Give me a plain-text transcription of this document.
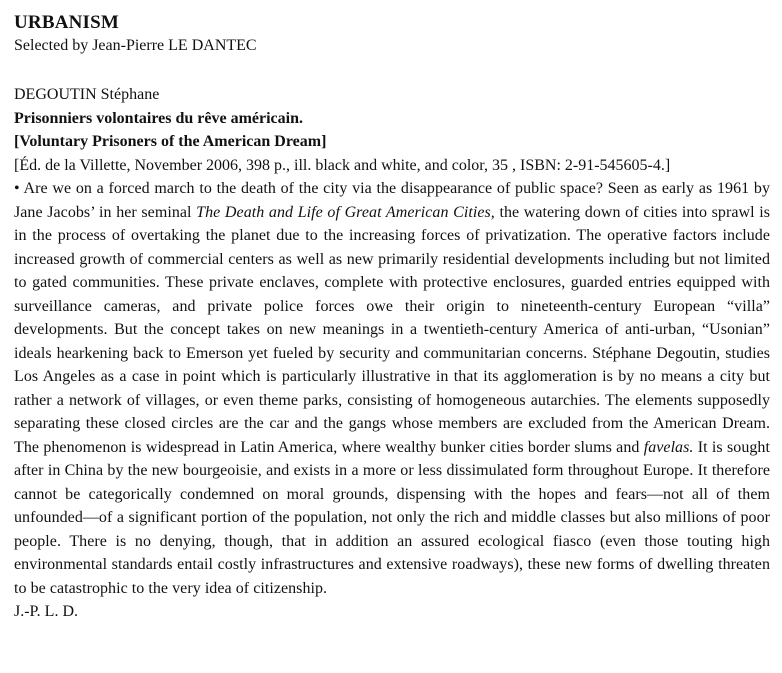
URBANISM

Selected by Jean-Pierre LE DANTEC

DEGOUTIN Stéphane

Prisonniers volontaires du rêve américain.

[Voluntary Prisoners of the American Dream]

[Éd. de la Villette, November 2006, 398 p., ill. black and white, and color, 35 , ISBN: 2-91-545605-4.]

• Are we on a forced march to the death of the city via the disappearance of public space? Seen as early as 1961 by Jane Jacobs’ in her seminal The Death and Life of Great American Cities, the watering down of cities into sprawl is in the process of overtaking the planet due to the increasing forces of privatization. The operative factors include increased growth of commercial centers as well as new primarily residential developments including but not limited to gated communities. These private enclaves, complete with protective enclosures, guarded entries equipped with surveillance cameras, and private police forces owe their origin to nineteenth-century European “villa” developments. But the concept takes on new meanings in a twentieth-century America of anti-urban, “Usonian” ideals hearkening back to Emerson yet fueled by security and communitarian concerns. Stéphane Degoutin, studies Los Angeles as a case in point which is particularly illustrative in that its agglomeration is by no means a city but rather a network of villages, or even theme parks, consisting of homogeneous autarchies. The elements supposedly separating these closed circles are the car and the gangs whose members are excluded from the American Dream. The phenomenon is widespread in Latin America, where wealthy bunker cities border slums and favelas. It is sought after in China by the new bourgeoisie, and exists in a more or less dissimulated form throughout Europe. It therefore cannot be categorically condemned on moral grounds, dispensing with the hopes and fears—not all of them unfounded—of a significant portion of the population, not only the rich and middle classes but also millions of poor people. There is no denying, though, that in addition an assured ecological fiasco (even those touting high environmental standards entail costly infrastructures and extensive roadways), these new forms of dwelling threaten to be catastrophic to the very idea of citizenship.

J.-P. L. D.
